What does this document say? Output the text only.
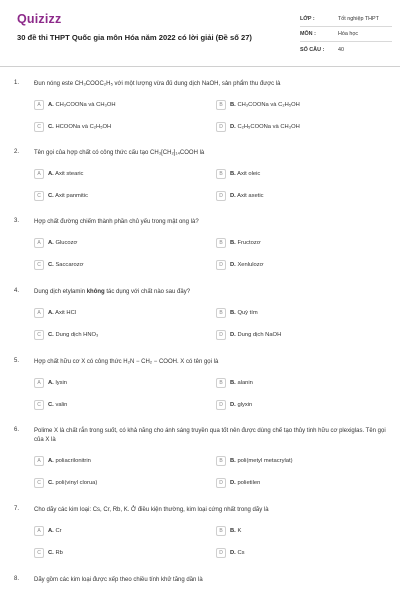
Quizizz
30 đề thi THPT Quốc gia môn Hóa năm 2022 có lời giải (Đề số 27)
LỚP :	Tốt nghiệp THPT
MÔN :	Hóa học
SỐ CÂU :	40
1. Đun nóng este CH₃COOC₂H₅ với một lượng vừa đủ dung dịch NaOH, sản phẩm thu được là
A	A. CH₃COONa và CH₃OH	B	B. CH₃COONa và C₂H₅OH
C	C. HCOONa và C₂H₅OH	D	D. C₂H₅COONa và CH₃OH
2. Tên gọi của hợp chất có công thức cấu tạo CH₃[CH₂]₁₄COOH là
A	A. Axit stearic	B	B. Axit oleic
C	C. Axit panmitic	D	D. Axit axetic
3. Hợp chất đường chiếm thành phần chủ yếu trong mật ong là?
A	A. Glucozơ	B	B. Fructozơ
C	C. Saccarozơ	D	D. Xenlulozơ
4. Dung dịch etylamin không tác dụng với chất nào sau đây?
A	A. Axit HCl	B	B. Quỳ tím
C	C. Dung dịch HNO₃	D	D. Dung dịch NaOH
5. Hợp chất hữu cơ X có công thức H₂N − CH₂ − COOH. X có tên gọi là
A	A. lysin	B	B. alanin
C	C. valin	D	D. glyxin
6. Polime X là chất rắn trong suốt, có khả năng cho ánh sáng truyền qua tốt nên được dùng chế tạo thủy tinh hữu cơ plexiglas. Tên gọi của X là
A	A. poliacrilonitrin	B	B. poli(metyl metacrylat)
C	C. poli(vinyl clorua)	D	D. polietilen
7. Cho dãy các kim loại: Cs, Cr, Rb, K. Ở điều kiện thường, kim loại cứng nhất trong dãy là
A	A. Cr	B	B. K
C	C. Rb	D	D. Cs
8. Dãy gồm các kim loại được xếp theo chiều tính khử tăng dần là
